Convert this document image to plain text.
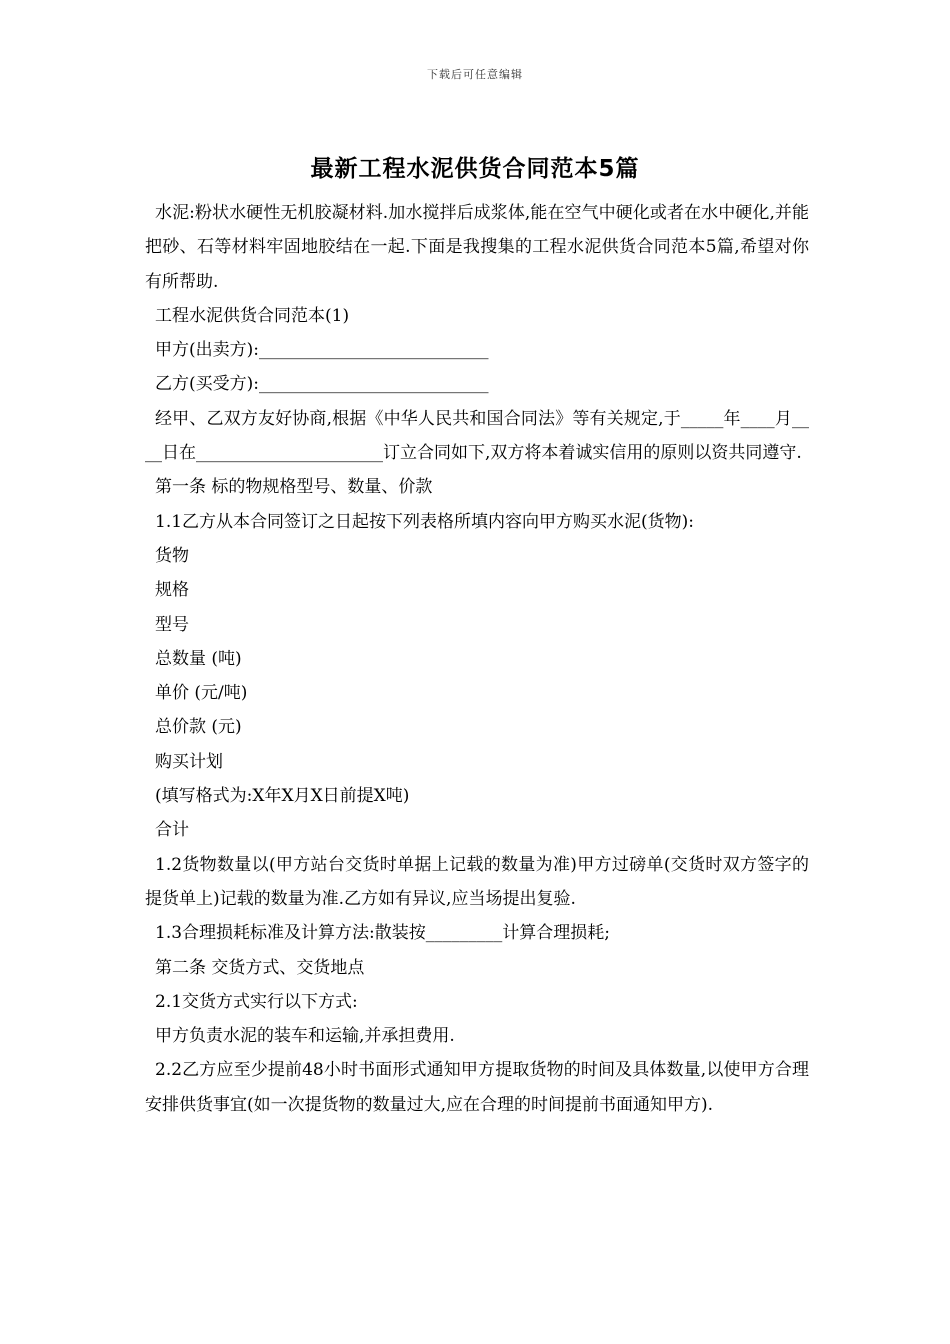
下载后可任意编辑
最新工程水泥供货合同范本5篇

水泥:粉状水硬性无机胶凝材料.加水搅拌后成浆体,能在空气中硬化或者在水中硬化,并能把砂、石等材料牢固地胶结在一起.下面是我搜集的工程水泥供货合同范本5篇,希望对你有所帮助.

工程水泥供货合同范本(1)

甲方(出卖方):___________________________

乙方(买受方):___________________________

经甲、乙双方友好协商,根据《中华人民共和国合同法》等有关规定,于_____年____月____日在______________________订立合同如下,双方将本着诚实信用的原则以资共同遵守.

第一条 标的物规格型号、数量、价款

1.1乙方从本合同签订之日起按下列表格所填内容向甲方购买水泥(货物):

货物

规格

型号

总数量 (吨)

单价 (元/吨)

总价款 (元)

购买计划

(填写格式为:X年X月X日前提X吨)

合计

1.2货物数量以(甲方站台交货时单据上记载的数量为准)甲方过磅单(交货时双方签字的提货单上)记载的数量为准.乙方如有异议,应当场提出复验.

1.3合理损耗标准及计算方法:散装按_________计算合理损耗;

第二条 交货方式、交货地点

2.1交货方式实行以下方式:

甲方负责水泥的装车和运输,并承担费用.

2.2乙方应至少提前48小时书面形式通知甲方提取货物的时间及具体数量,以使甲方合理安排供货事宜(如一次提货物的数量过大,应在合理的时间提前书面通知甲方).
